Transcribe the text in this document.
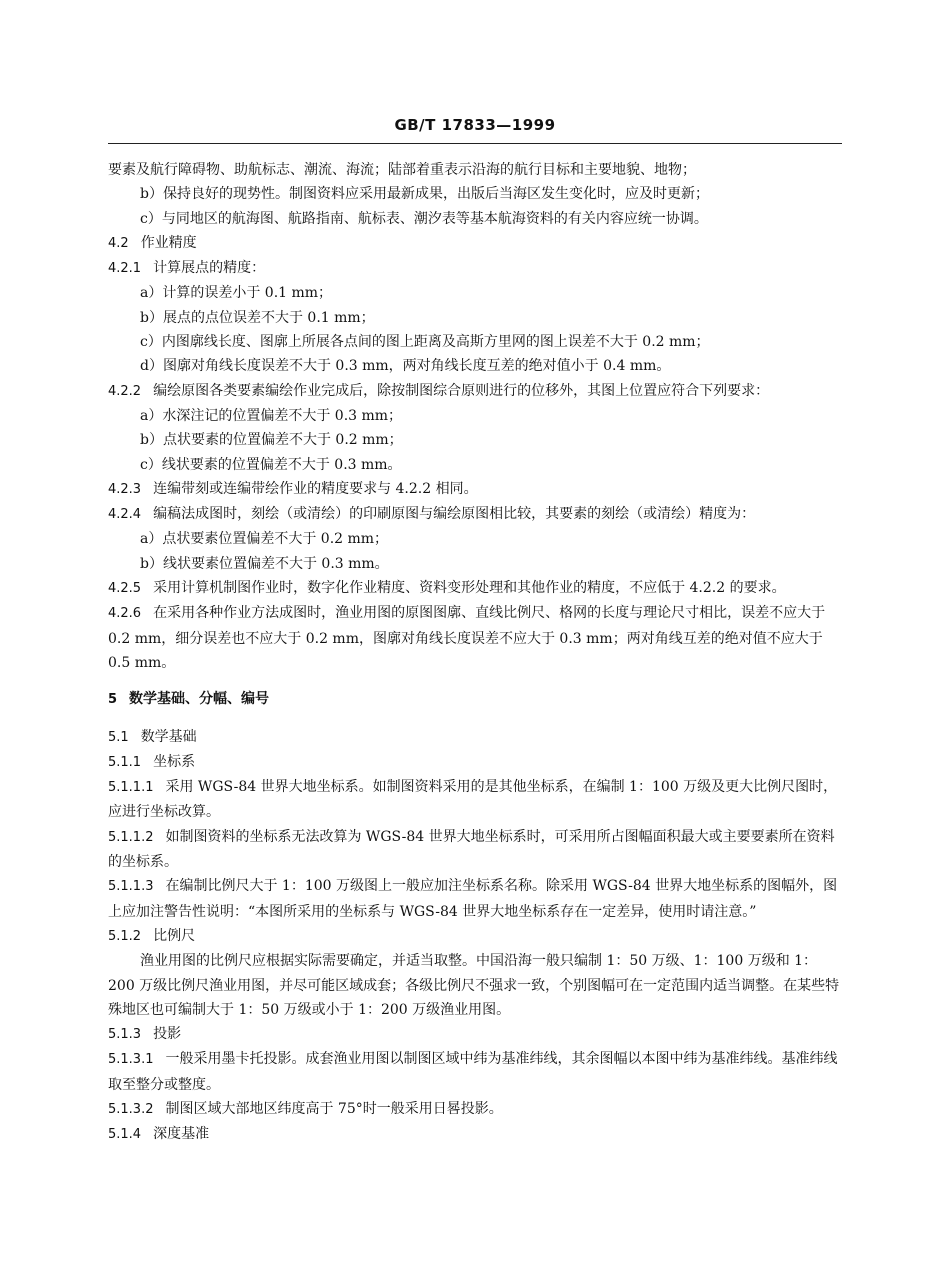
GB/T 17833—1999

要素及航行障碍物、助航标志、潮流、海流；陆部着重表示沿海的航行目标和主要地貌、地物；

b）保持良好的现势性。制图资料应采用最新成果，出版后当海区发生变化时，应及时更新；

c）与同地区的航海图、航路指南、航标表、潮汐表等基本航海资料的有关内容应统一协调。

4.2 作业精度

4.2.1 计算展点的精度：

a）计算的误差小于 0.1 mm；

b）展点的点位误差不大于 0.1 mm；

c）内图廓线长度、图廓上所展各点间的图上距离及高斯方里网的图上误差不大于 0.2 mm；

d）图廓对角线长度误差不大于 0.3 mm，两对角线长度互差的绝对值小于 0.4 mm。

4.2.2 编绘原图各类要素编绘作业完成后，除按制图综合原则进行的位移外，其图上位置应符合下列要求：

a）水深注记的位置偏差不大于 0.3 mm；

b）点状要素的位置偏差不大于 0.2 mm；

c）线状要素的位置偏差不大于 0.3 mm。

4.2.3 连编带刻或连编带绘作业的精度要求与 4.2.2 相同。

4.2.4 编稿法成图时，刻绘（或清绘）的印刷原图与编绘原图相比较，其要素的刻绘（或清绘）精度为：

a）点状要素位置偏差不大于 0.2 mm；

b）线状要素位置偏差不大于 0.3 mm。

4.2.5 采用计算机制图作业时，数字化作业精度、资料变形处理和其他作业的精度，不应低于 4.2.2 的要求。

4.2.6 在采用各种作业方法成图时，渔业用图的原图图廓、直线比例尺、格网的长度与理论尺寸相比，误差不应大于 0.2 mm，细分误差也不应大于 0.2 mm，图廓对角线长度误差不应大于 0.3 mm；两对角线互差的绝对值不应大于 0.5 mm。

5 数学基础、分幅、编号

5.1 数学基础

5.1.1 坐标系

5.1.1.1 采用 WGS-84 世界大地坐标系。如制图资料采用的是其他坐标系，在编制 1：100 万级及更大比例尺图时，应进行坐标改算。

5.1.1.2 如制图资料的坐标系无法改算为 WGS-84 世界大地坐标系时，可采用所占图幅面积最大或主要要素所在资料的坐标系。

5.1.1.3 在编制比例尺大于 1：100 万级图上一般应加注坐标系名称。除采用 WGS-84 世界大地坐标系的图幅外，图上应加注警告性说明：“本图所采用的坐标系与 WGS-84 世界大地坐标系存在一定差异，使用时请注意。”

5.1.2 比例尺

渔业用图的比例尺应根据实际需要确定，并适当取整。中国沿海一般只编制 1：50 万级、1：100 万级和 1：200 万级比例尺渔业用图，并尽可能区域成套；各级比例尺不强求一致，个别图幅可在一定范围内适当调整。在某些特殊地区也可编制大于 1：50 万级或小于 1：200 万级渔业用图。

5.1.3 投影

5.1.3.1 一般采用墨卡托投影。成套渔业用图以制图区域中纬为基准纬线，其余图幅以本图中纬为基准纬线。基准纬线取至整分或整度。

5.1.3.2 制图区域大部地区纬度高于 75°时一般采用日晷投影。

5.1.4 深度基准
